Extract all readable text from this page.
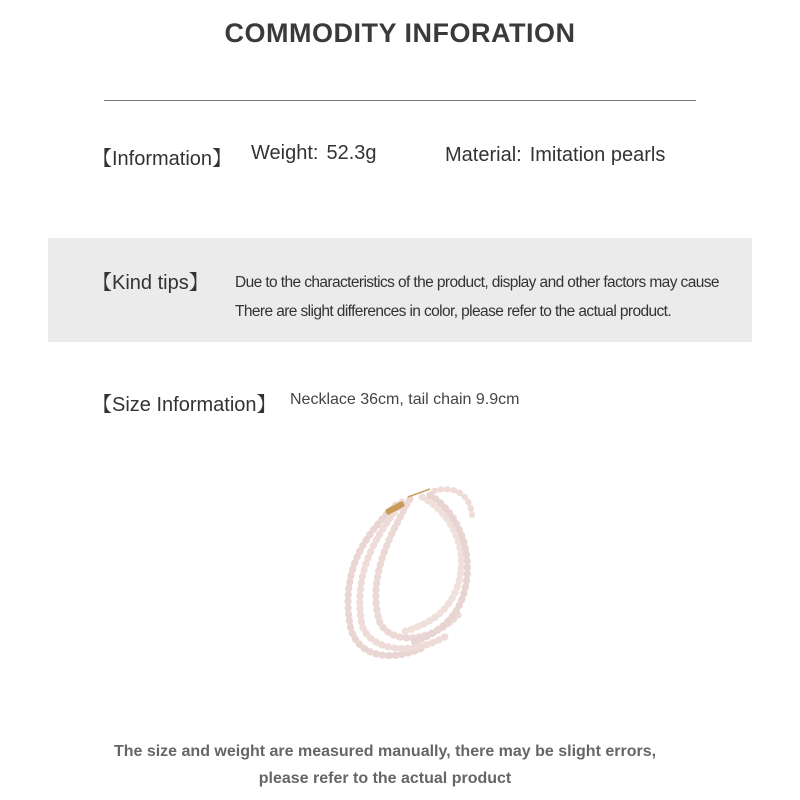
COMMODITY INFORATION
【Information】 Weight: 52.3g	Material: Imitation pearls
【Kind tips】 Due to the characteristics of the product, display and other factors may cause
There are slight differences in color, please refer to the actual product.
【Size Information】 Necklace 36cm, tail chain 9.9cm
The size and weight are measured manually, there may be slight errors,
please refer to the actual product
